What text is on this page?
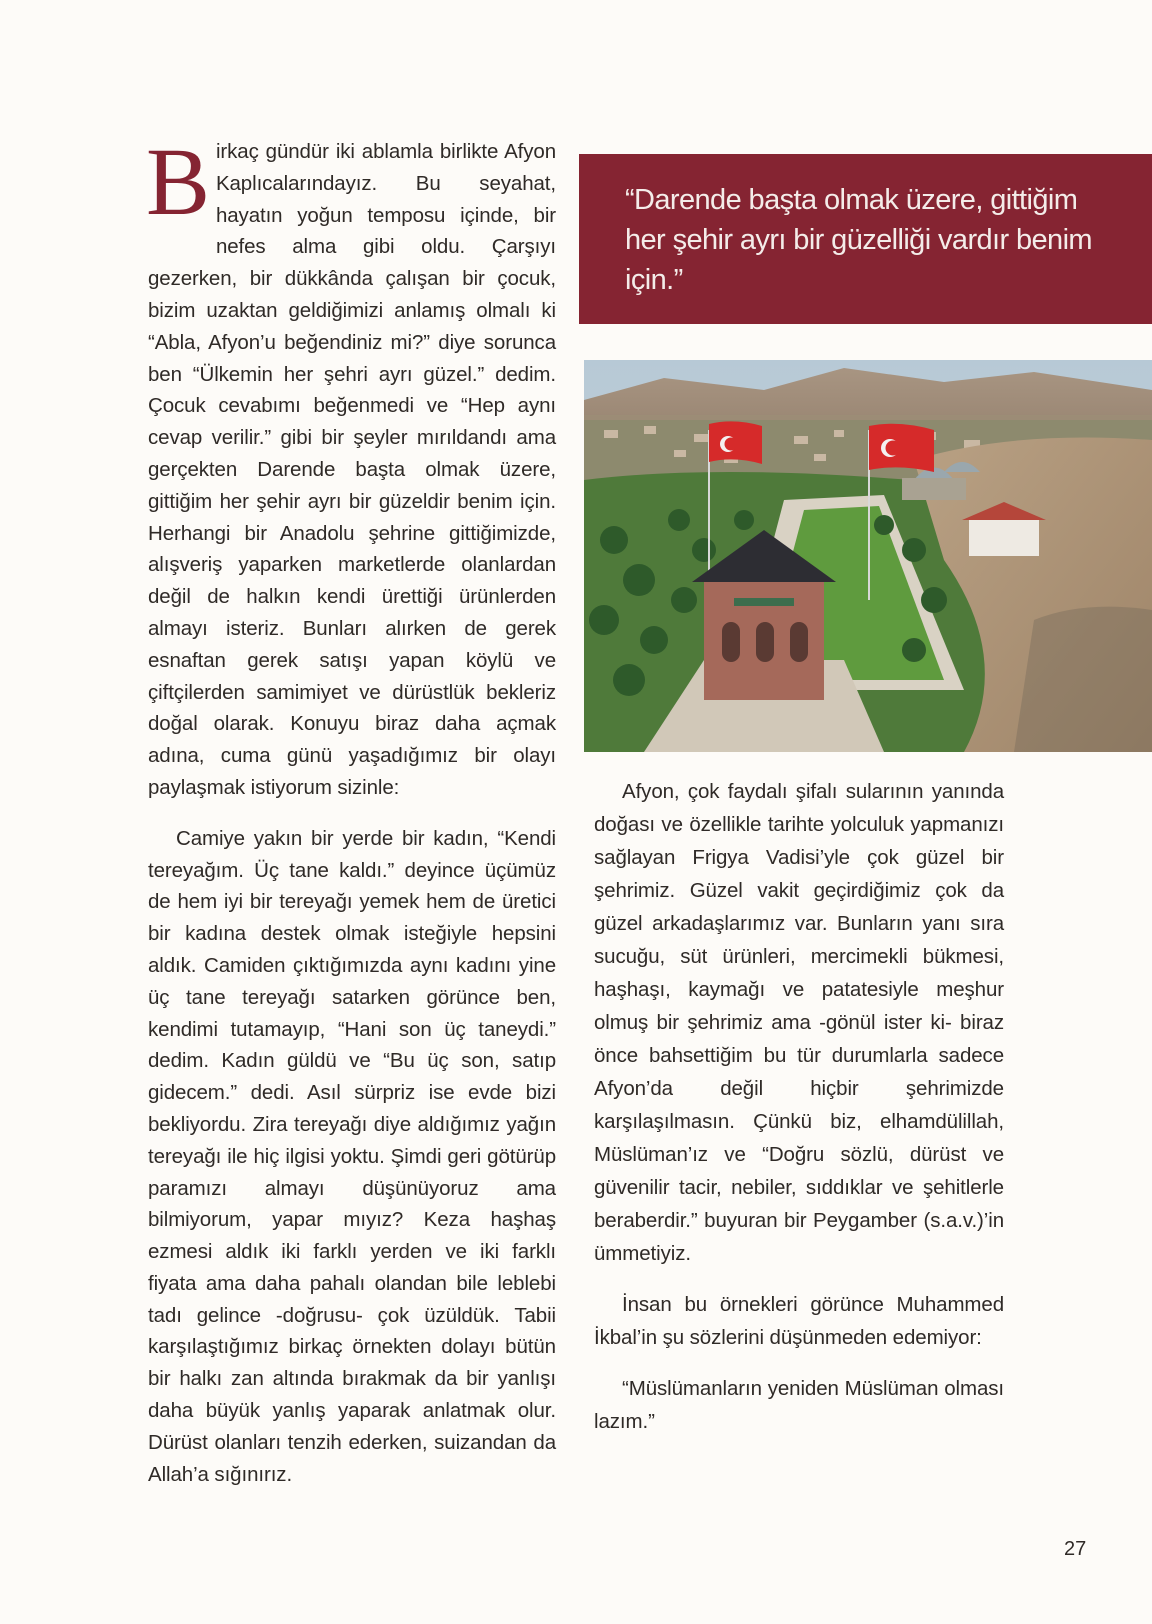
Birkaç gündür iki ablamla birlikte Afyon Kaplıcalarındayız. Bu seyahat, hayatın yoğun temposu içinde, bir nefes alma gibi oldu. Çarşıyı gezerken, bir dükkânda çalışan bir çocuk, bizim uzaktan geldiğimizi anlamış olmalı ki “Abla, Afyon’u beğendiniz mi?” diye sorunca ben “Ülkemin her şehri ayrı güzel.” dedim. Çocuk cevabımı beğenmedi ve “Hep aynı cevap verilir.” gibi bir şeyler mırıldandı ama gerçekten Darende başta olmak üzere, gittiğim her şehir ayrı bir güzeldir benim için. Herhangi bir Anadolu şehrine gittiğimizde, alışveriş yaparken marketlerde olanlardan değil de halkın kendi ürettiği ürünlerden almayı isteriz. Bunları alırken de gerek esnaftan gerek satışı yapan köylü ve çiftçilerden samimiyet ve dürüstlük bekleriz doğal olarak. Konuyu biraz daha açmak adına, cuma günü yaşadığımız bir olayı paylaşmak istiyorum sizinle:

Camiye yakın bir yerde bir kadın, “Kendi tereyağım. Üç tane kaldı.” deyince üçümüz de hem iyi bir tereyağı yemek hem de üretici bir kadına destek olmak isteğiyle hepsini aldık. Camiden çıktığımızda aynı kadını yine üç tane tereyağı satarken görünce ben, kendimi tutamayıp, “Hani son üç taneydi.” dedim. Kadın güldü ve “Bu üç son, satıp gidecem.” dedi. Asıl sürpriz ise evde bizi bekliyordu. Zira tereyağı diye aldığımız yağın tereyağı ile hiç ilgisi yoktu. Şimdi geri götürüp paramızı almayı düşünüyoruz ama bilmiyorum, yapar mıyız? Keza haşhaş ezmesi aldık iki farklı yerden ve iki farklı fiyata ama daha pahalı olandan bile leblebi tadı gelince -doğrusu- çok üzüldük. Tabii karşılaştığımız birkaç örnekten dolayı bütün bir halkı zan altında bırakmak da bir yanlışı daha büyük yanlış yaparak anlatmak olur. Dürüst olanları tenzih ederken, suizandan da Allah’a sığınırız.

“Darende başta olmak üzere, gittiğim her şehir ayrı bir güzelliği vardır benim için.”

Afyon, çok faydalı şifalı sularının yanında doğası ve özellikle tarihte yolculuk yapmanızı sağlayan Frigya Vadisi’yle çok güzel bir şehrimiz. Güzel vakit geçirdiğimiz çok da güzel arkadaşlarımız var. Bunların yanı sıra sucuğu, süt ürünleri, mercimekli bükmesi, haşhaşı, kaymağı ve patatesiyle meşhur olmuş bir şehrimiz ama -gönül ister ki- biraz önce bahsettiğim bu tür durumlarla sadece Afyon’da değil hiçbir şehrimizde karşılaşılmasın. Çünkü biz, elhamdülillah, Müslüman’ız ve “Doğru sözlü, dürüst ve güvenilir tacir, nebiler, sıddıklar ve şehitlerle beraberdir.” buyuran bir Peygamber (s.a.v.)’in ümmetiyiz.

İnsan bu örnekleri görünce Muhammed İkbal’in şu sözlerini düşünmeden edemiyor:

“Müslümanların yeniden Müslüman olması lazım.”

27
